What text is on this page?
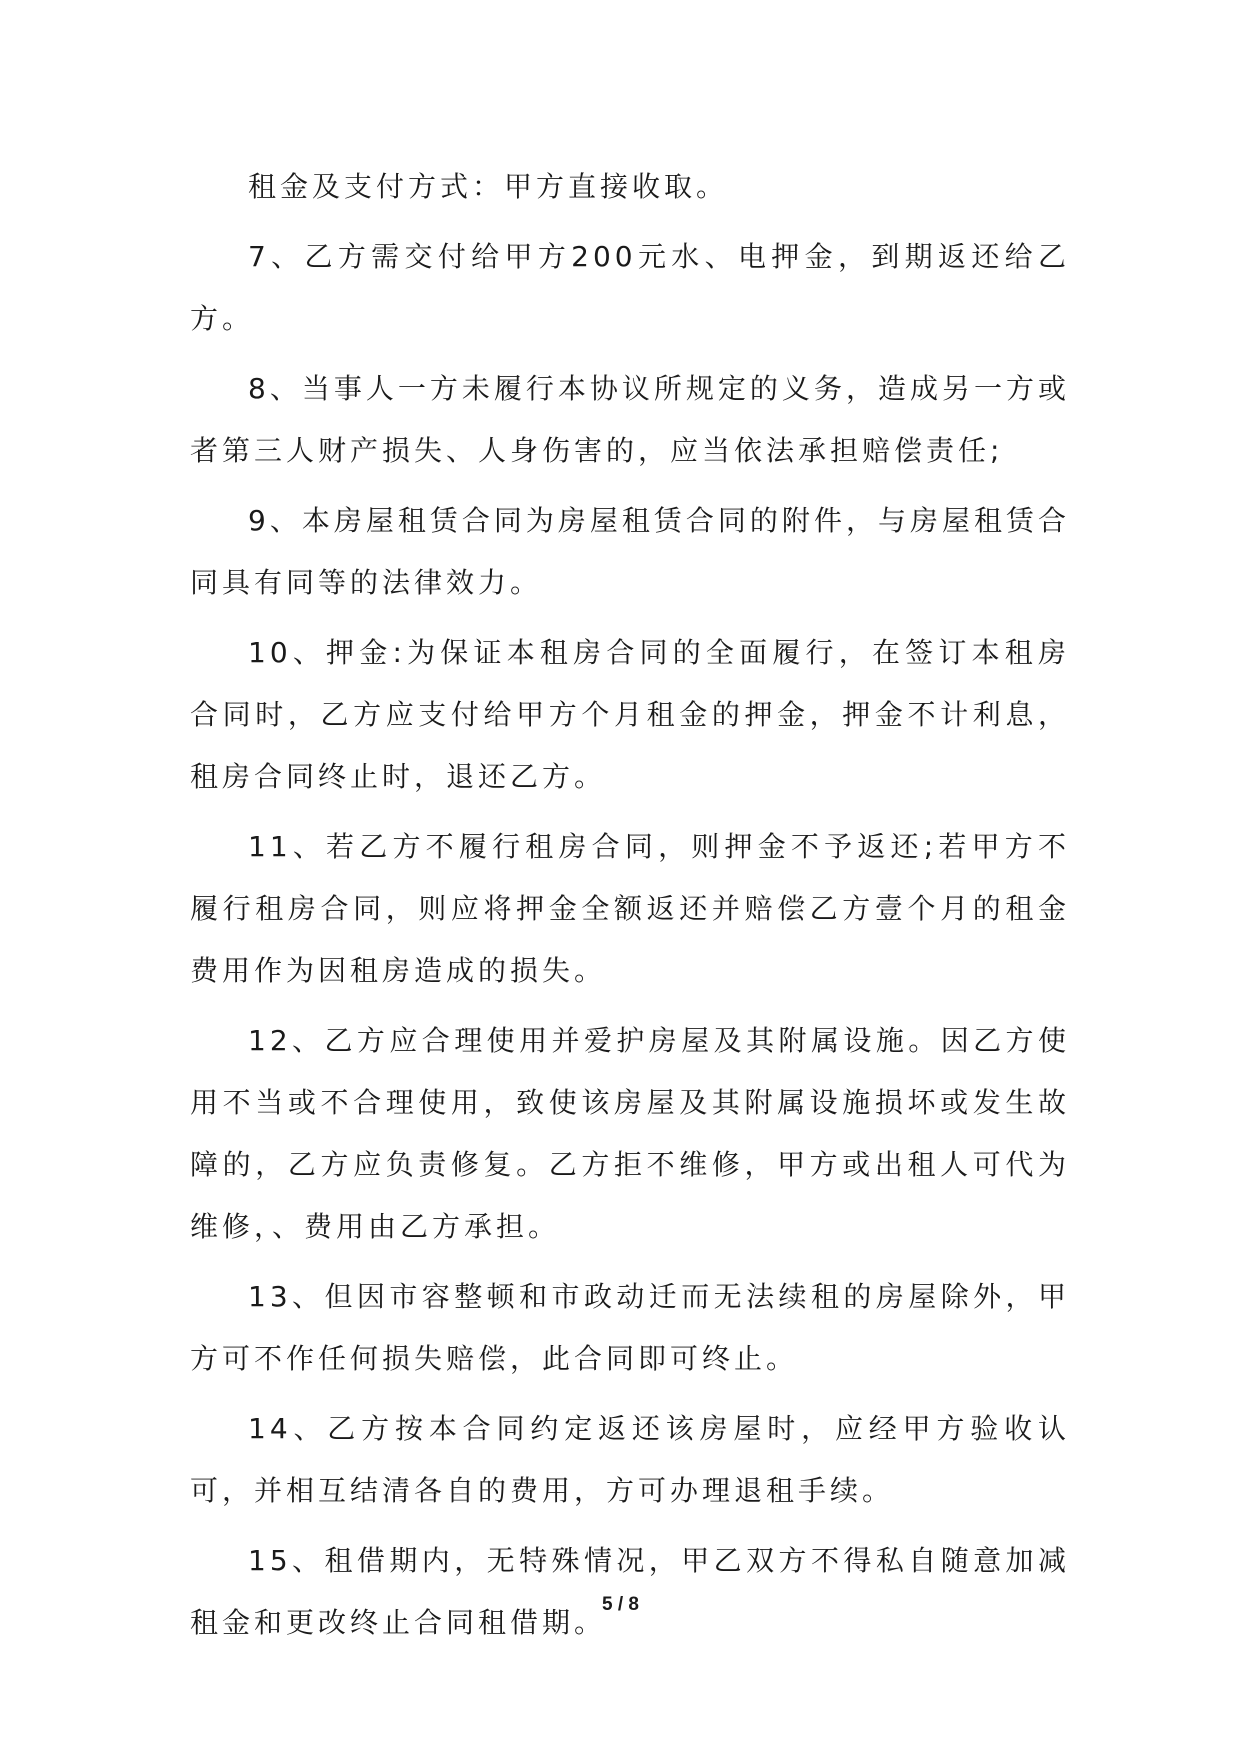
租金及支付方式：甲方直接收取。

7、乙方需交付给甲方200元水、电押金，到期返还给乙方。

8、当事人一方未履行本协议所规定的义务，造成另一方或者第三人财产损失、人身伤害的，应当依法承担赔偿责任;

9、本房屋租赁合同为房屋租赁合同的附件，与房屋租赁合同具有同等的法律效力。

10、押金:为保证本租房合同的全面履行，在签订本租房合同时，乙方应支付给甲方个月租金的押金，押金不计利息，租房合同终止时，退还乙方。

11、若乙方不履行租房合同，则押金不予返还;若甲方不履行租房合同，则应将押金全额返还并赔偿乙方壹个月的租金费用作为因租房造成的损失。

12、乙方应合理使用并爱护房屋及其附属设施。因乙方使用不当或不合理使用，致使该房屋及其附属设施损坏或发生故障的，乙方应负责修复。乙方拒不维修，甲方或出租人可代为维修，、费用由乙方承担。

13、但因市容整顿和市政动迁而无法续租的房屋除外，甲方可不作任何损失赔偿，此合同即可终止。

14、乙方按本合同约定返还该房屋时，应经甲方验收认可，并相互结清各自的费用，方可办理退租手续。

15、租借期内，无特殊情况，甲乙双方不得私自随意加减租金和更改终止合同租借期。

5 / 8
